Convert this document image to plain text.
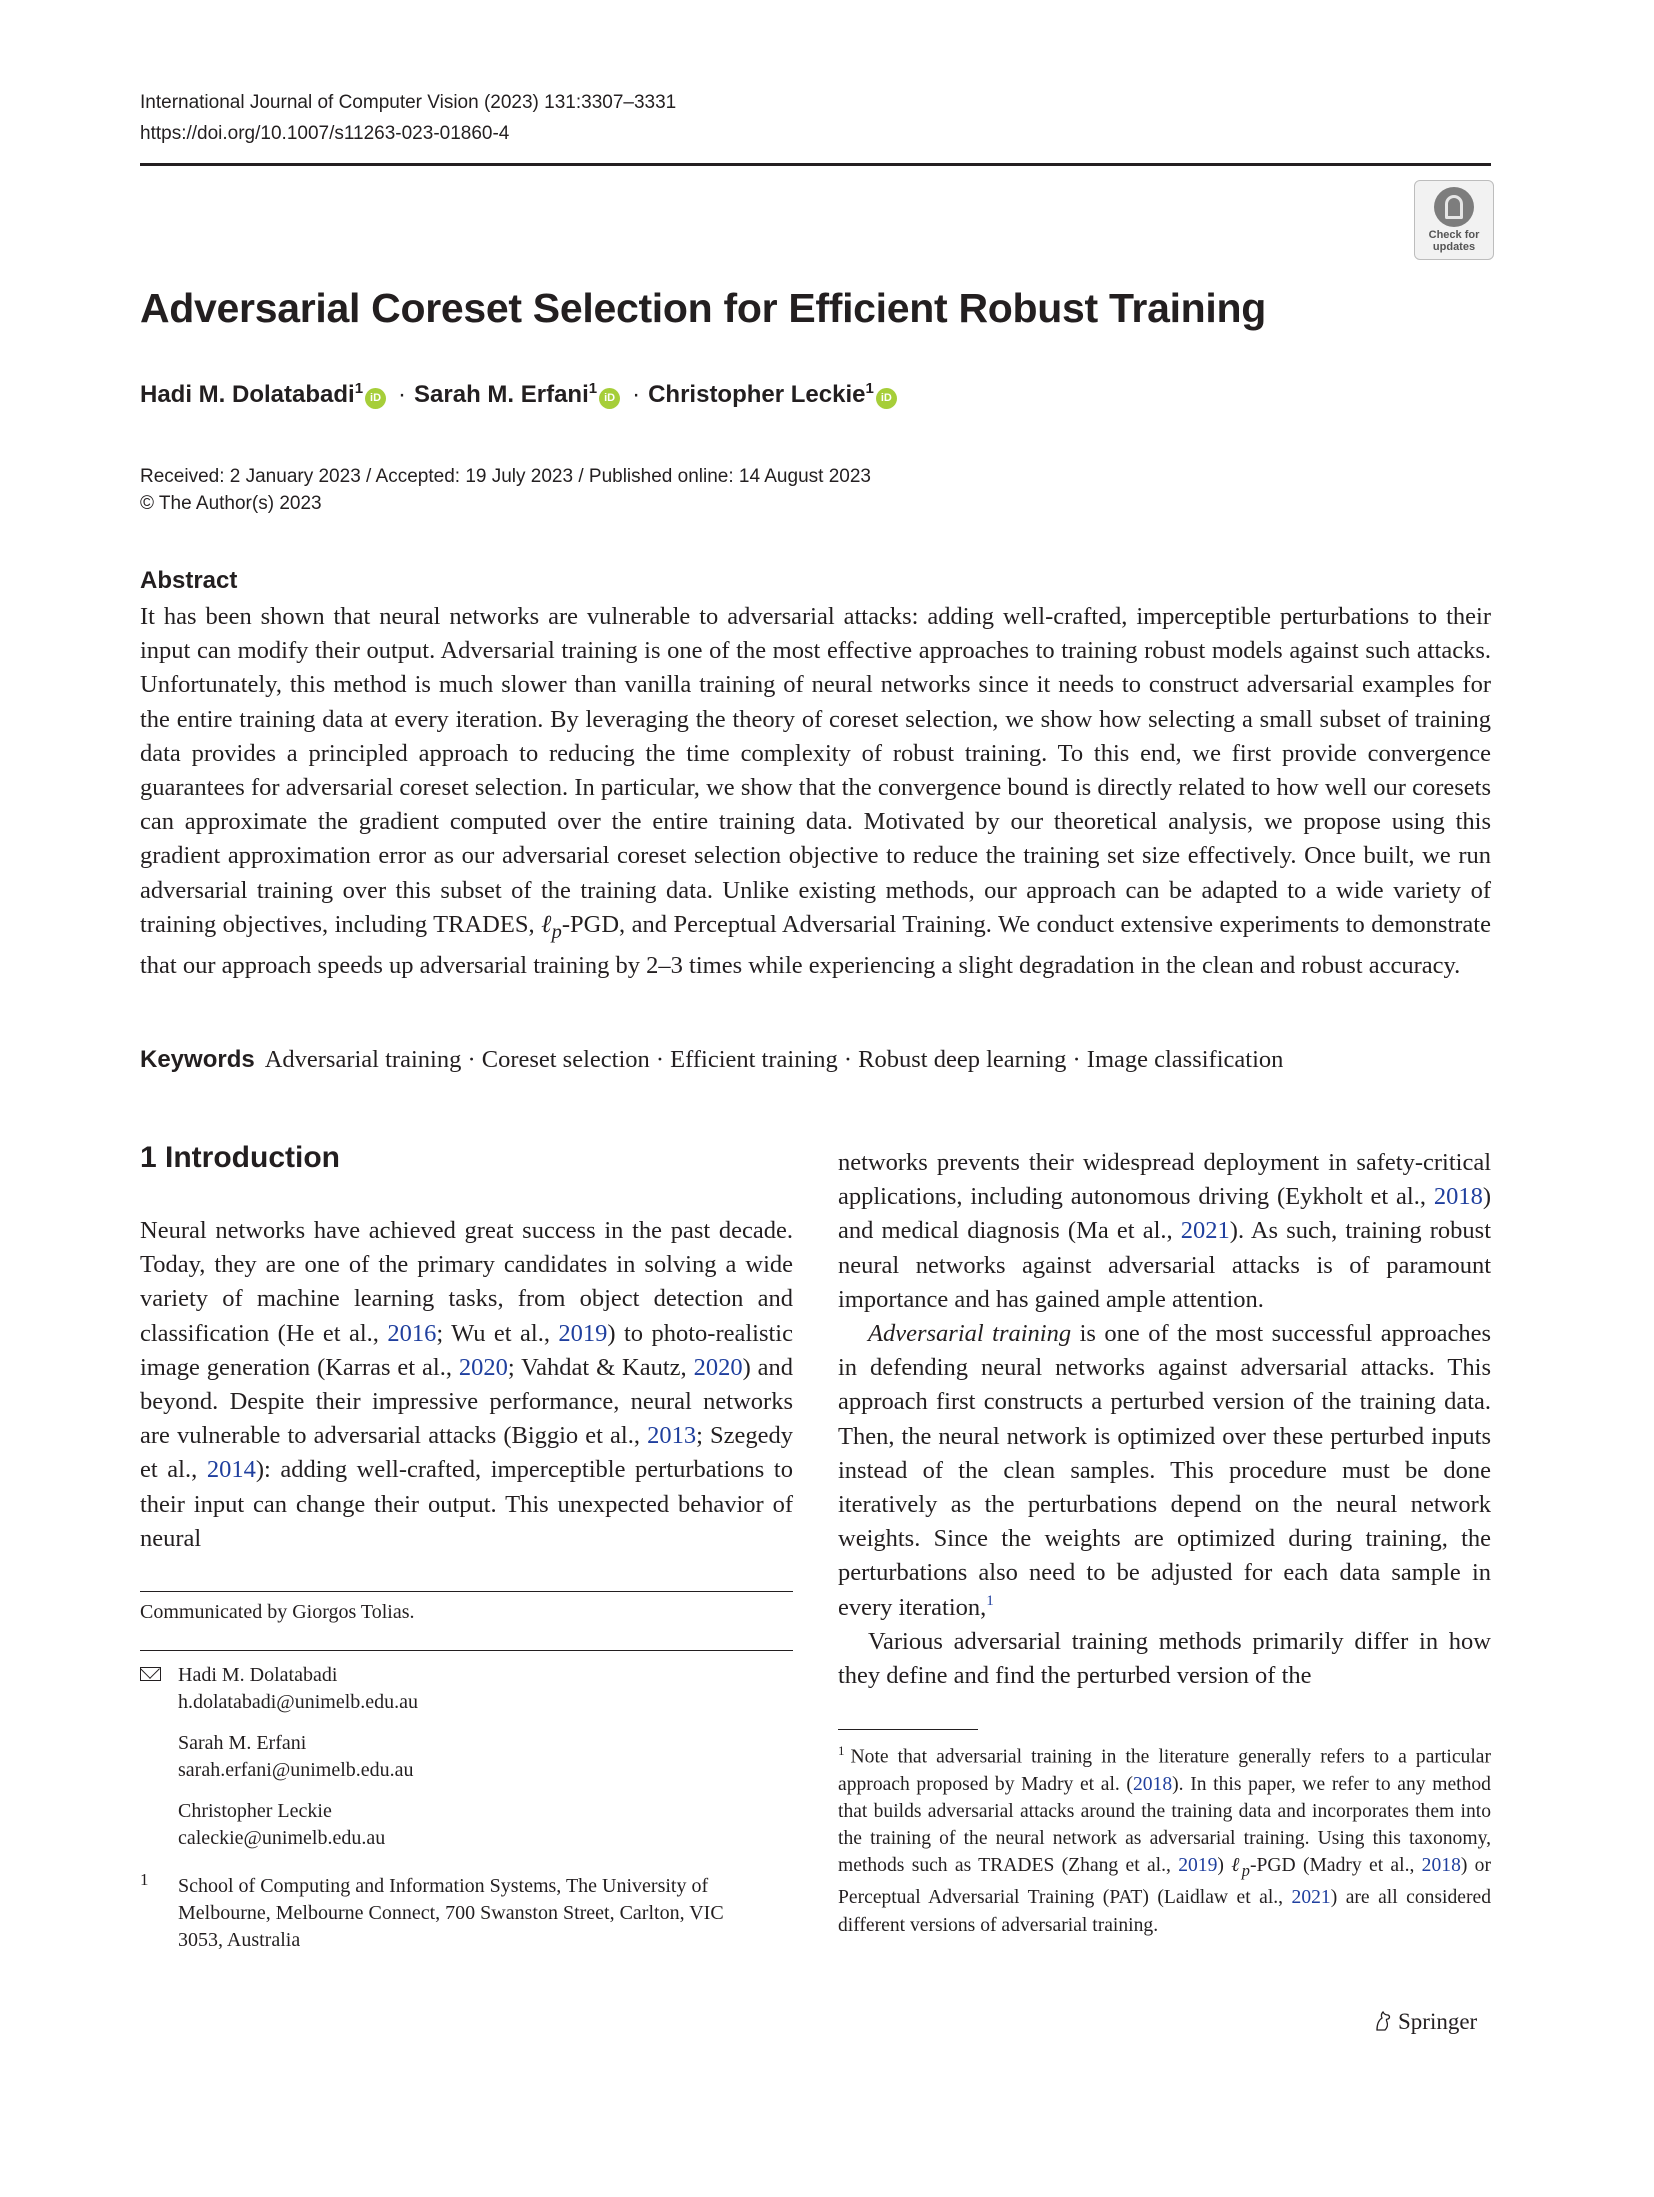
International Journal of Computer Vision (2023) 131:3307–3331
https://doi.org/10.1007/s11263-023-01860-4
Check for updates
Adversarial Coreset Selection for Efficient Robust Training
Hadi M. Dolatabadi$^1$iD · Sarah M. Erfani$^1$iD · Christopher Leckie$^1$iD
Received: 2 January 2023 / Accepted: 19 July 2023 / Published online: 14 August 2023
© The Author(s) 2023
Abstract

It has been shown that neural networks are vulnerable to adversarial attacks: adding well-crafted, imperceptible perturbations to their input can modify their output. Adversarial training is one of the most effective approaches to training robust models against such attacks. Unfortunately, this method is much slower than vanilla training of neural networks since it needs to construct adversarial examples for the entire training data at every iteration. By leveraging the theory of coreset selection, we show how selecting a small subset of training data provides a principled approach to reducing the time complexity of robust training. To this end, we first provide convergence guarantees for adversarial coreset selection. In particular, we show that the convergence bound is directly related to how well our coresets can approximate the gradient computed over the entire training data. Motivated by our theoretical analysis, we propose using this gradient approximation error as our adversarial coreset selection objective to reduce the training set size effectively. Once built, we run adversarial training over this subset of the training data. Unlike existing methods, our approach can be adapted to a wide variety of training objectives, including TRADES, ℓ$_p$-PGD, and Perceptual Adversarial Training. We conduct extensive experiments to demonstrate that our approach speeds up adversarial training by 2–3 times while experiencing a slight degradation in the clean and robust accuracy.

Keywords Adversarial training · Coreset selection · Efficient training · Robust deep learning · Image classification
1 Introduction

Neural networks have achieved great success in the past decade. Today, they are one of the primary candidates in solving a wide variety of machine learning tasks, from object detection and classification (He et al., 2016; Wu et al., 2019) to photo-realistic image generation (Karras et al., 2020; Vahdat & Kautz, 2020) and beyond. Despite their impressive performance, neural networks are vulnerable to adversarial attacks (Biggio et al., 2013; Szegedy et al., 2014): adding well-crafted, imperceptible perturbations to their input can change their output. This unexpected behavior of neural

networks prevents their widespread deployment in safety-critical applications, including autonomous driving (Eykholt et al., 2018) and medical diagnosis (Ma et al., 2021). As such, training robust neural networks against adversarial attacks is of paramount importance and has gained ample attention.

Adversarial training is one of the most successful approaches in defending neural networks against adversarial attacks. This approach first constructs a perturbed version of the training data. Then, the neural network is optimized over these perturbed inputs instead of the clean samples. This procedure must be done iteratively as the perturbations depend on the neural network weights. Since the weights are optimized during training, the perturbations also need to be adjusted for each data sample in every iteration,$^1$

Various adversarial training methods primarily differ in how they define and find the perturbed version of the

Communicated by Giorgos Tolias.
Hadi M. Dolatabadi
h.dolatabadi@unimelb.edu.au
Sarah M. Erfani
sarah.erfani@unimelb.edu.au
Christopher Leckie
caleckie@unimelb.edu.au
1 School of Computing and Information Systems, The University of Melbourne, Melbourne Connect, 700 Swanston Street, Carlton, VIC 3053, Australia
$^1$ Note that adversarial training in the literature generally refers to a particular approach proposed by Madry et al. (2018). In this paper, we refer to any method that builds adversarial attacks around the training data and incorporates them into the training of the neural network as adversarial training. Using this taxonomy, methods such as TRADES (Zhang et al., 2019) ℓ$_p$-PGD (Madry et al., 2018) or Perceptual Adversarial Training (PAT) (Laidlaw et al., 2021) are all considered different versions of adversarial training.
Springer
